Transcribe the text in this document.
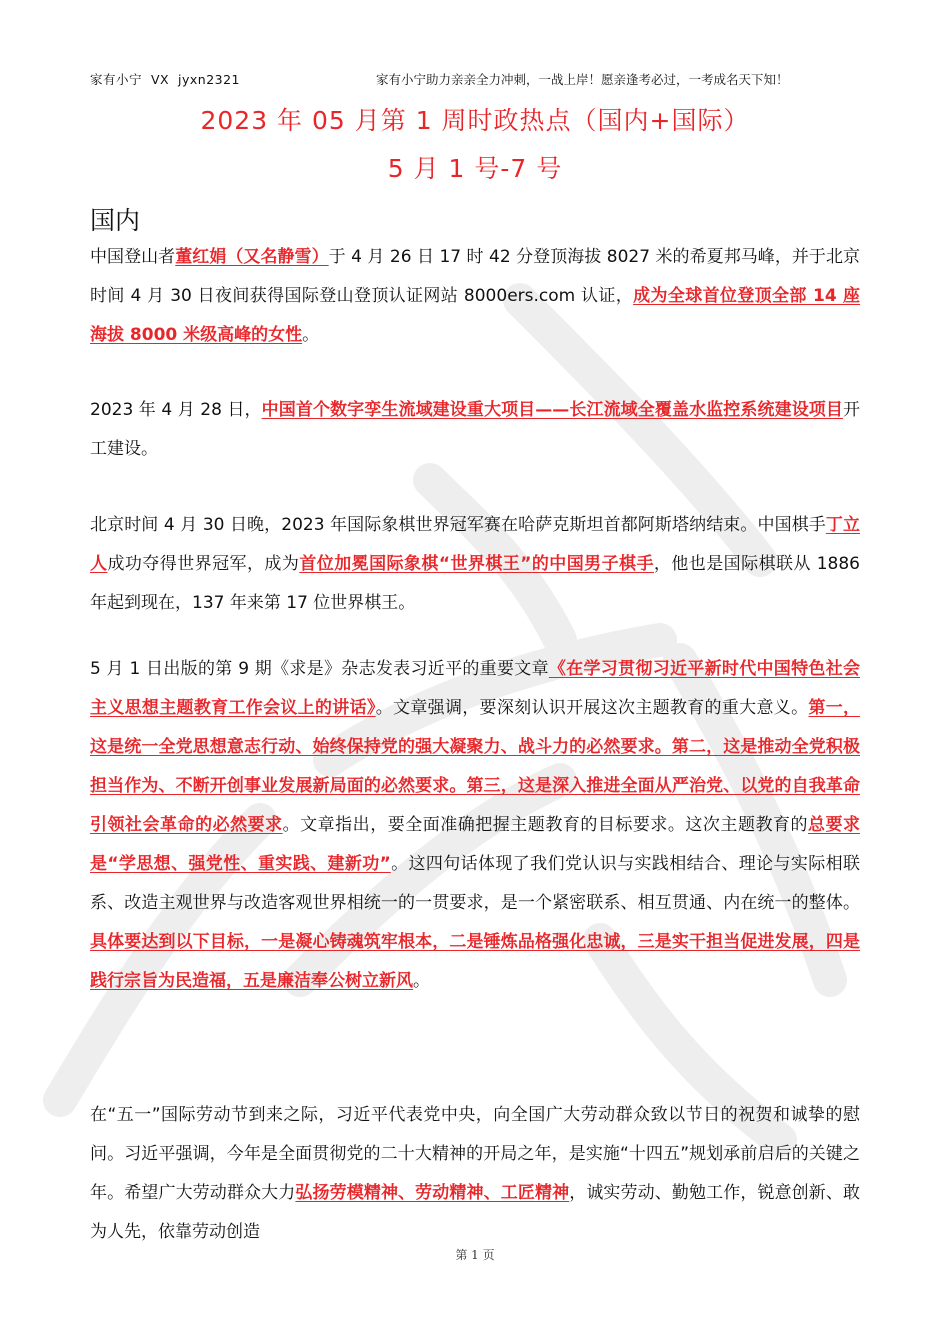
家有小宁  VX  jyxn2321	家有小宁助力亲亲全力冲刺，一战上岸！愿亲逢考必过，一考成名天下知！
2023 年 05 月第 1 周时政热点（国内+国际）
5 月 1 号-7 号
国内
中国登山者董红娟（又名静雪）于 4 月 26 日 17 时 42 分登顶海拔 8027 米的希夏邦马峰，并于北京时间 4 月 30 日夜间获得国际登山登顶认证网站 8000ers.com 认证，成为全球首位登顶全部 14 座海拔 8000 米级高峰的女性。
2023 年 4 月 28 日，中国首个数字孪生流域建设重大项目——长江流域全覆盖水监控系统建设项目开工建设。
北京时间 4 月 30 日晚，2023 年国际象棋世界冠军赛在哈萨克斯坦首都阿斯塔纳结束。中国棋手丁立人成功夺得世界冠军，成为首位加冕国际象棋“世界棋王”的中国男子棋手，他也是国际棋联从 1886 年起到现在，137 年来第 17 位世界棋王。
5 月 1 日出版的第 9 期《求是》杂志发表习近平的重要文章《在学习贯彻习近平新时代中国特色社会主义思想主题教育工作会议上的讲话》。文章强调，要深刻认识开展这次主题教育的重大意义。第一，这是统一全党思想意志行动、始终保持党的强大凝聚力、战斗力的必然要求。第二，这是推动全党积极担当作为、不断开创事业发展新局面的必然要求。第三，这是深入推进全面从严治党、以党的自我革命引领社会革命的必然要求。文章指出，要全面准确把握主题教育的目标要求。这次主题教育的总要求是“学思想、强党性、重实践、建新功”。这四句话体现了我们党认识与实践相结合、理论与实际相联系、改造主观世界与改造客观世界相统一的一贯要求，是一个紧密联系、相互贯通、内在统一的整体。具体要达到以下目标，一是凝心铸魂筑牢根本，二是锤炼品格强化忠诚，三是实干担当促进发展，四是践行宗旨为民造福，五是廉洁奉公树立新风。
在“五一”国际劳动节到来之际，习近平代表党中央，向全国广大劳动群众致以节日的祝贺和诚挚的慰问。习近平强调，今年是全面贯彻党的二十大精神的开局之年，是实施“十四五”规划承前启后的关键之年。希望广大劳动群众大力弘扬劳模精神、劳动精神、工匠精神，诚实劳动、勤勉工作，锐意创新、敢为人先，依靠劳动创造
第 1 页
